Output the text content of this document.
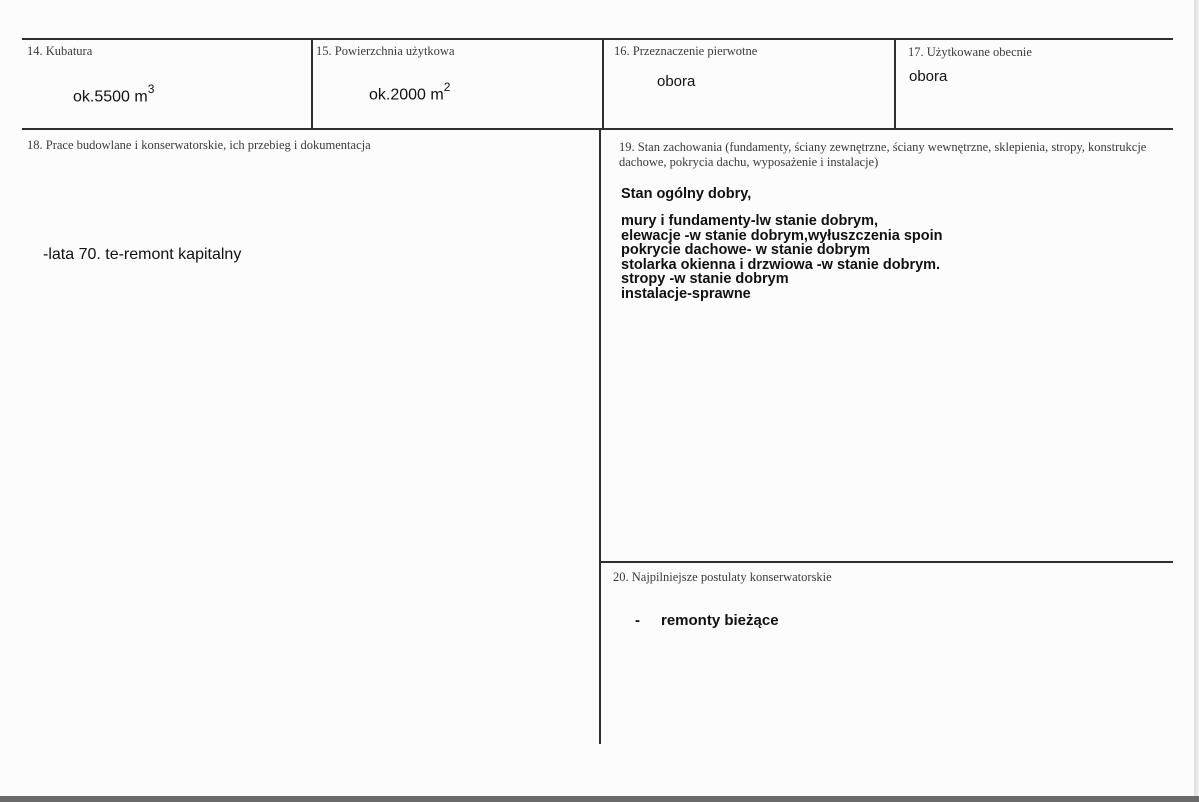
14. Kubatura
ok.5500 $m^3$
15. Powierzchnia użytkowa
ok.2000 $m^2$
16. Przeznaczenie pierwotne
obora
17. Użytkowane obecnie
obora
18. Prace budowlane i konserwatorskie, ich przebieg i dokumentacja
-lata 70. te-remont kapitalny
19. Stan zachowania (fundamenty, ściany zewnętrzne, ściany wewnętrzne, sklepienia, stropy, konstrukcje dachowe, pokrycia dachu, wyposażenie i instalacje)
Stan ogólny dobry,
mury i fundamenty-lw stanie dobrym,
elewacje -w stanie dobrym,wyłuszczenia spoin
pokrycie dachowe- w stanie dobrym
stolarka okienna i drzwiowa -w stanie dobrym.
stropy -w stanie dobrym
instalacje-sprawne
20. Najpilniejsze postulaty konserwatorskie
- remonty bieżące
